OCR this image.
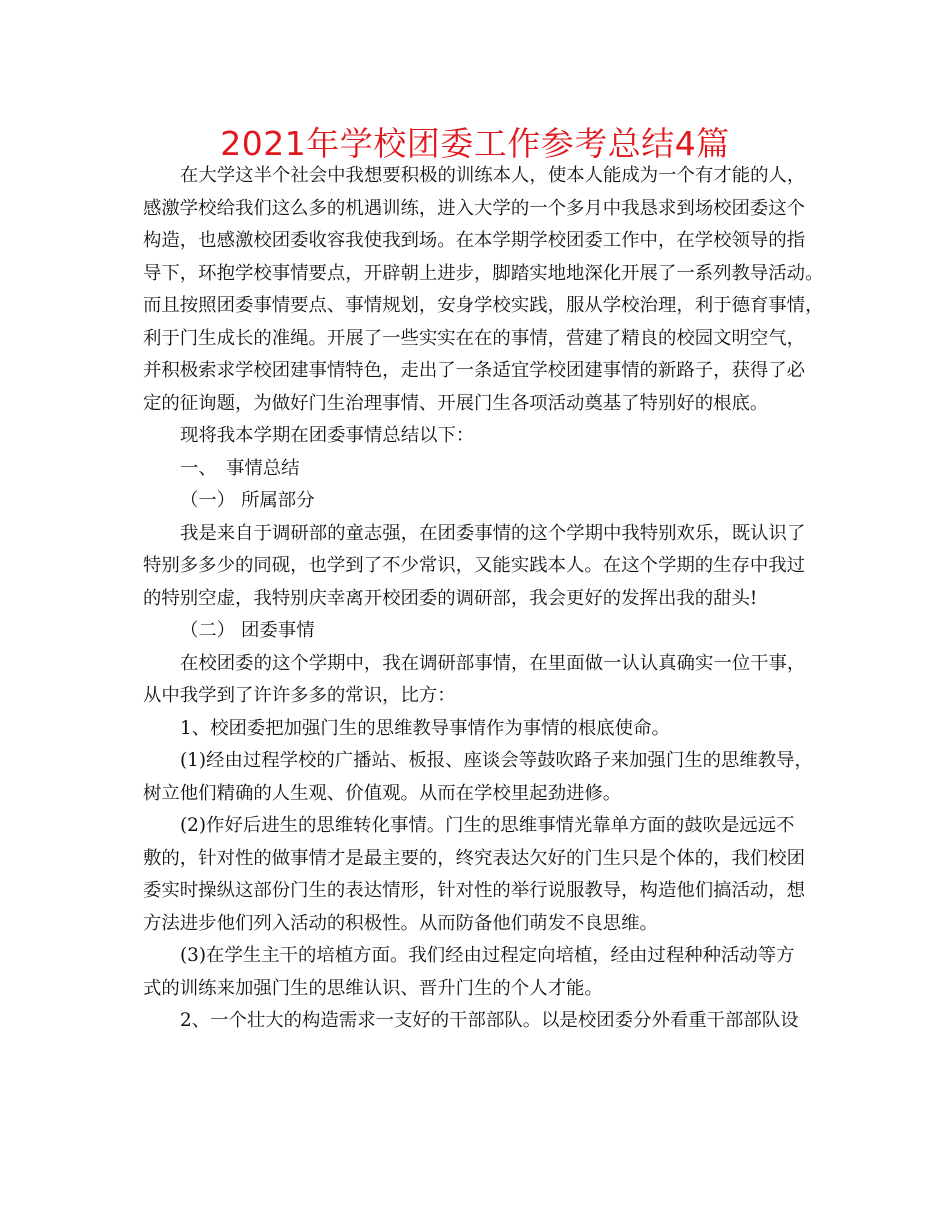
2021年学校团委工作参考总结4篇

在大学这半个社会中我想要积极的训练本人，使本人能成为一个有才能的人，

感激学校给我们这么多的机遇训练，进入大学的一个多月中我恳求到场校团委这个

构造，也感激校团委收容我使我到场。在本学期学校团委工作中，在学校领导的指

导下，环抱学校事情要点，开辟朝上进步，脚踏实地地深化开展了一系列教导活动。

而且按照团委事情要点、事情规划，安身学校实践，服从学校治理，利于德育事情，

利于门生成长的准绳。开展了一些实实在在的事情，营建了精良的校园文明空气，

并积极索求学校团建事情特色，走出了一条适宜学校团建事情的新路子，获得了必

定的征询题，为做好门生治理事情、开展门生各项活动奠基了特别好的根底。

现将我本学期在团委事情总结以下：

一、　事情总结

（一） 所属部分

我是来自于调研部的童志强，在团委事情的这个学期中我特别欢乐，既认识了

特别多多少的同砚，也学到了不少常识，又能实践本人。在这个学期的生存中我过

的特别空虚，我特别庆幸离开校团委的调研部，我会更好的发挥出我的甜头!

（二） 团委事情

在校团委的这个学期中，我在调研部事情，在里面做一认认真确实一位干事，

从中我学到了许许多多的常识，比方：

1、校团委把加强门生的思维教导事情作为事情的根底使命。

(1)经由过程学校的广播站、板报、座谈会等鼓吹路子来加强门生的思维教导，

树立他们精确的人生观、价值观。从而在学校里起劲进修。

(2)作好后进生的思维转化事情。门生的思维事情光靠单方面的鼓吹是远远不

敷的，针对性的做事情才是最主要的，终究表达欠好的门生只是个体的，我们校团

委实时操纵这部份门生的表达情形，针对性的举行说服教导，构造他们搞活动，想

方法进步他们列入活动的积极性。从而防备他们萌发不良思维。

(3)在学生主干的培植方面。我们经由过程定向培植，经由过程种种活动等方

式的训练来加强门生的思维认识、晋升门生的个人才能。

2、一个壮大的构造需求一支好的干部部队。以是校团委分外看重干部部队设
